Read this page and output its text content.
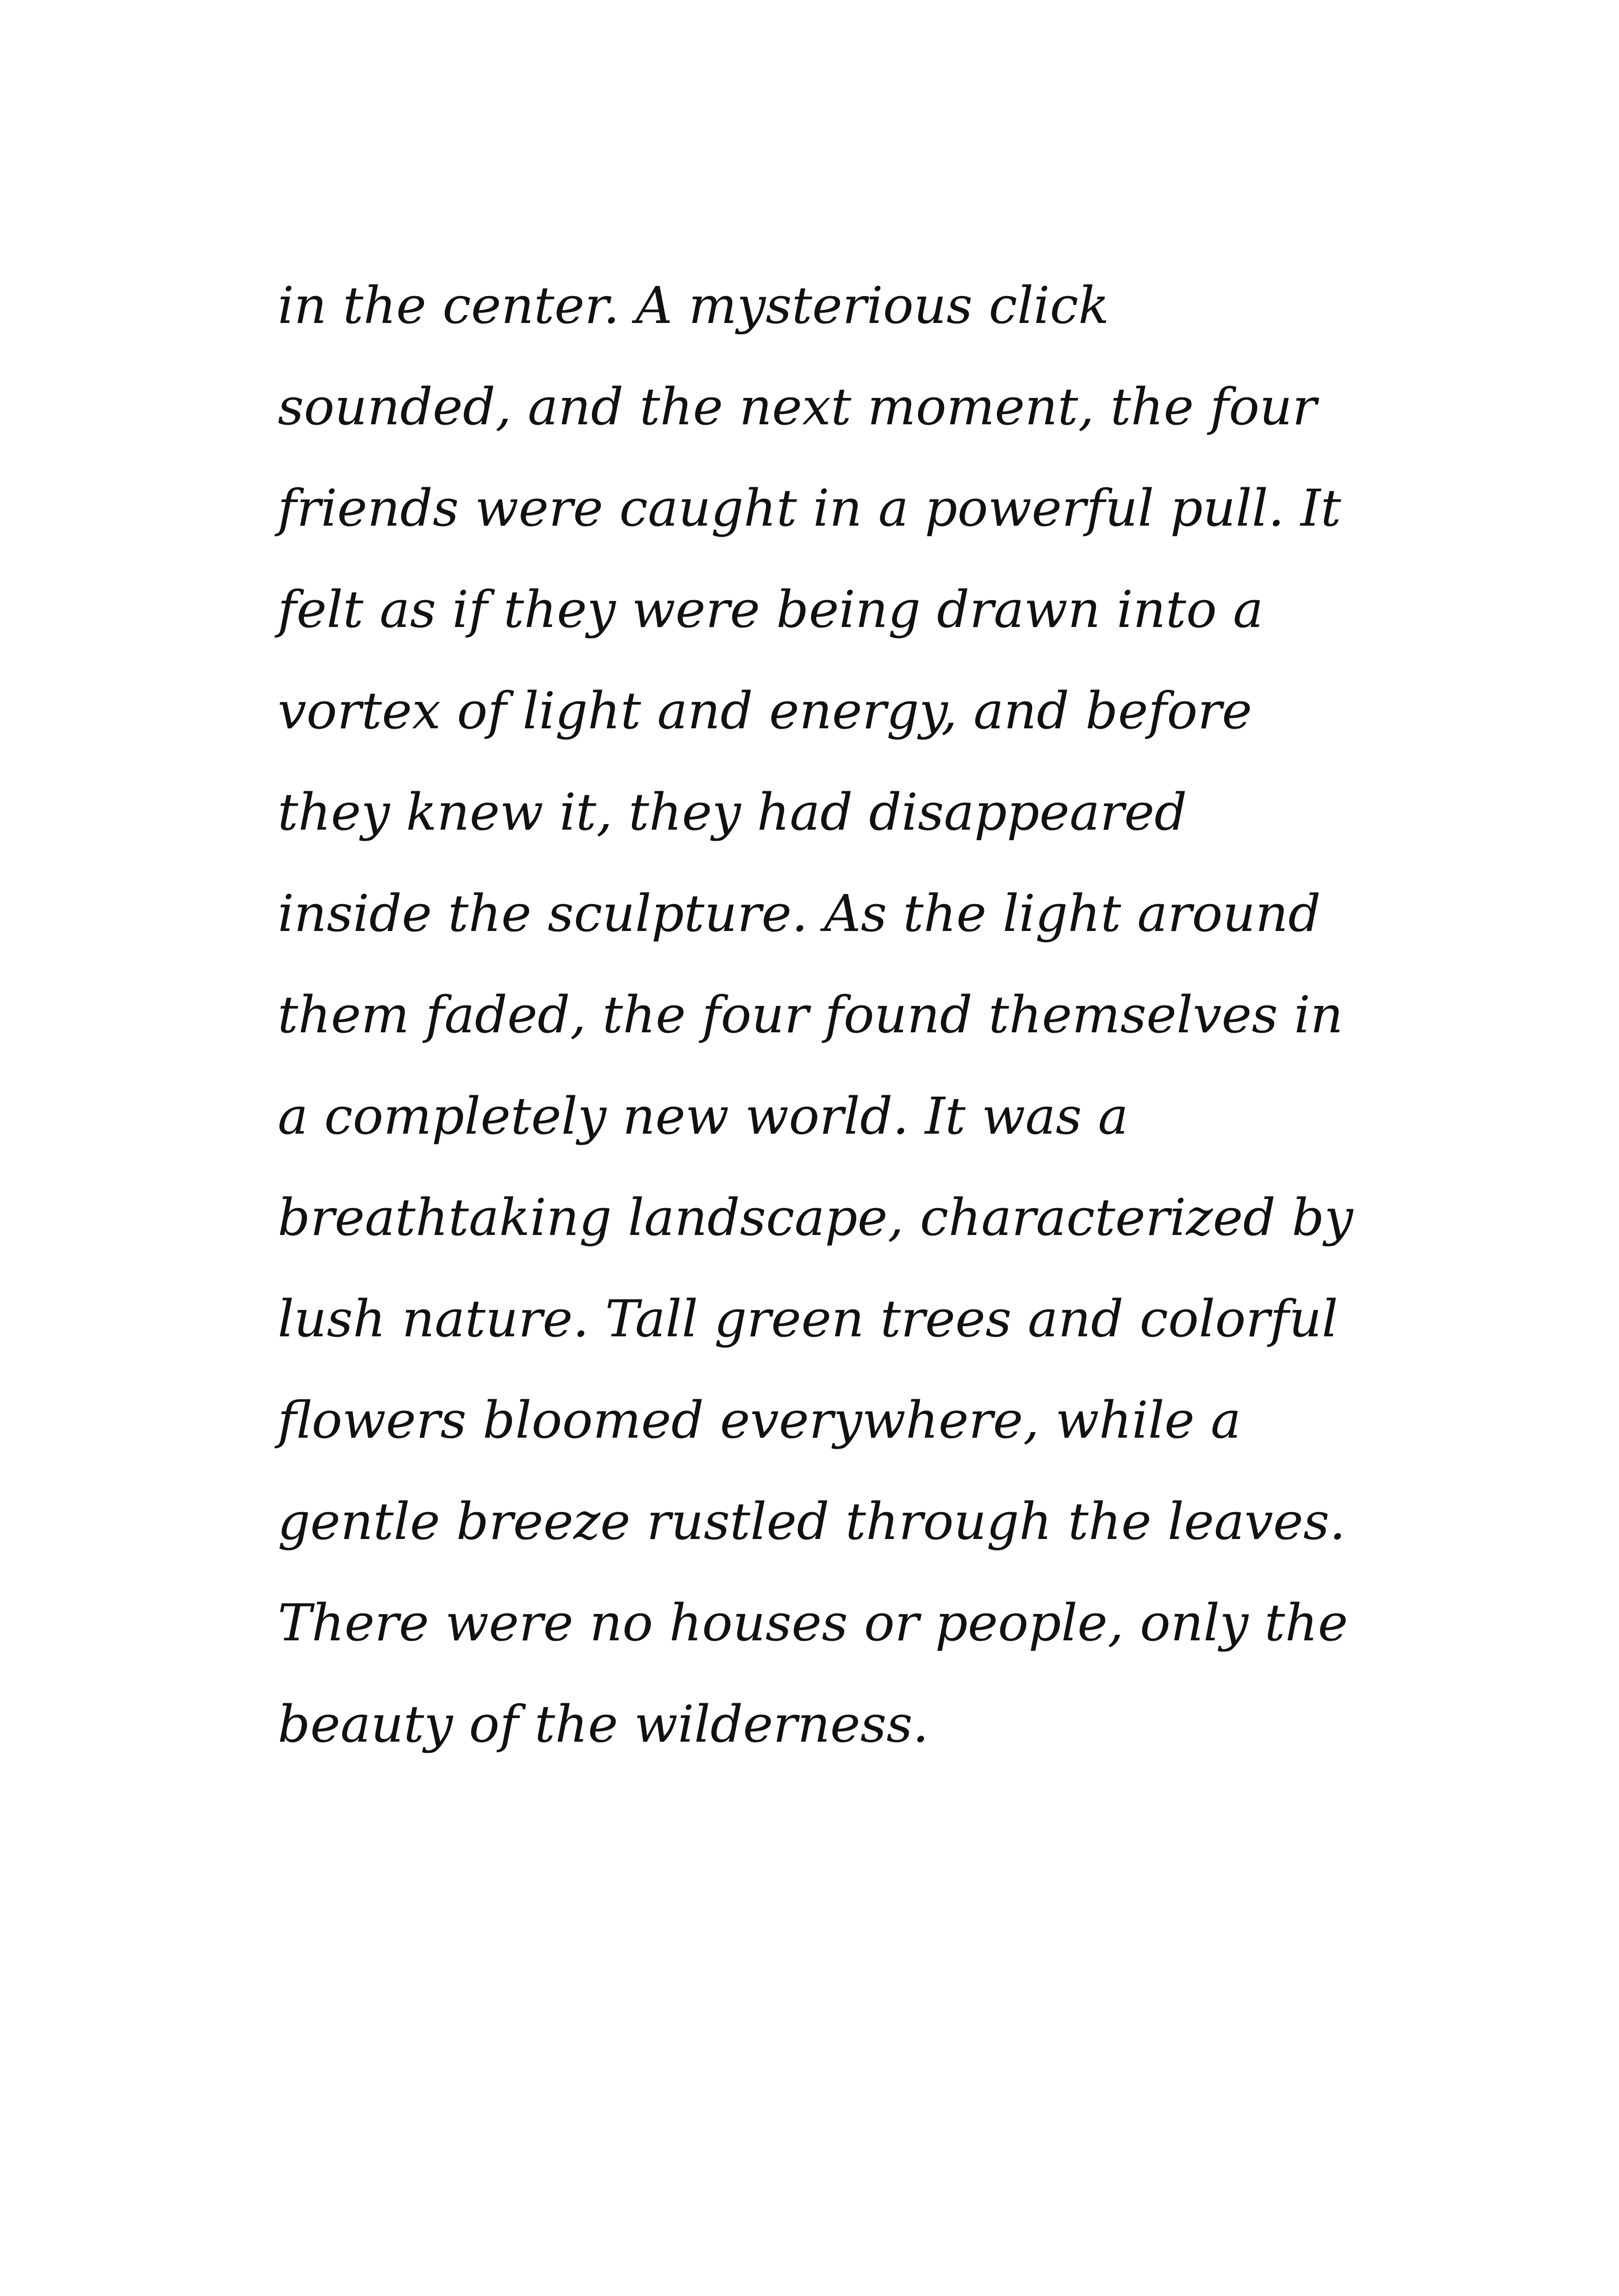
in the center. A mysterious click
sounded, and the next moment, the four
friends were caught in a powerful pull. It
felt as if they were being drawn into a
vortex of light and energy, and before
they knew it, they had disappeared
inside the sculpture. As the light around
them faded, the four found themselves in
a completely new world. It was a
breathtaking landscape, characterized by
lush nature. Tall green trees and colorful
flowers bloomed everywhere, while a
gentle breeze rustled through the leaves.
There were no houses or people, only the
beauty of the wilderness.
